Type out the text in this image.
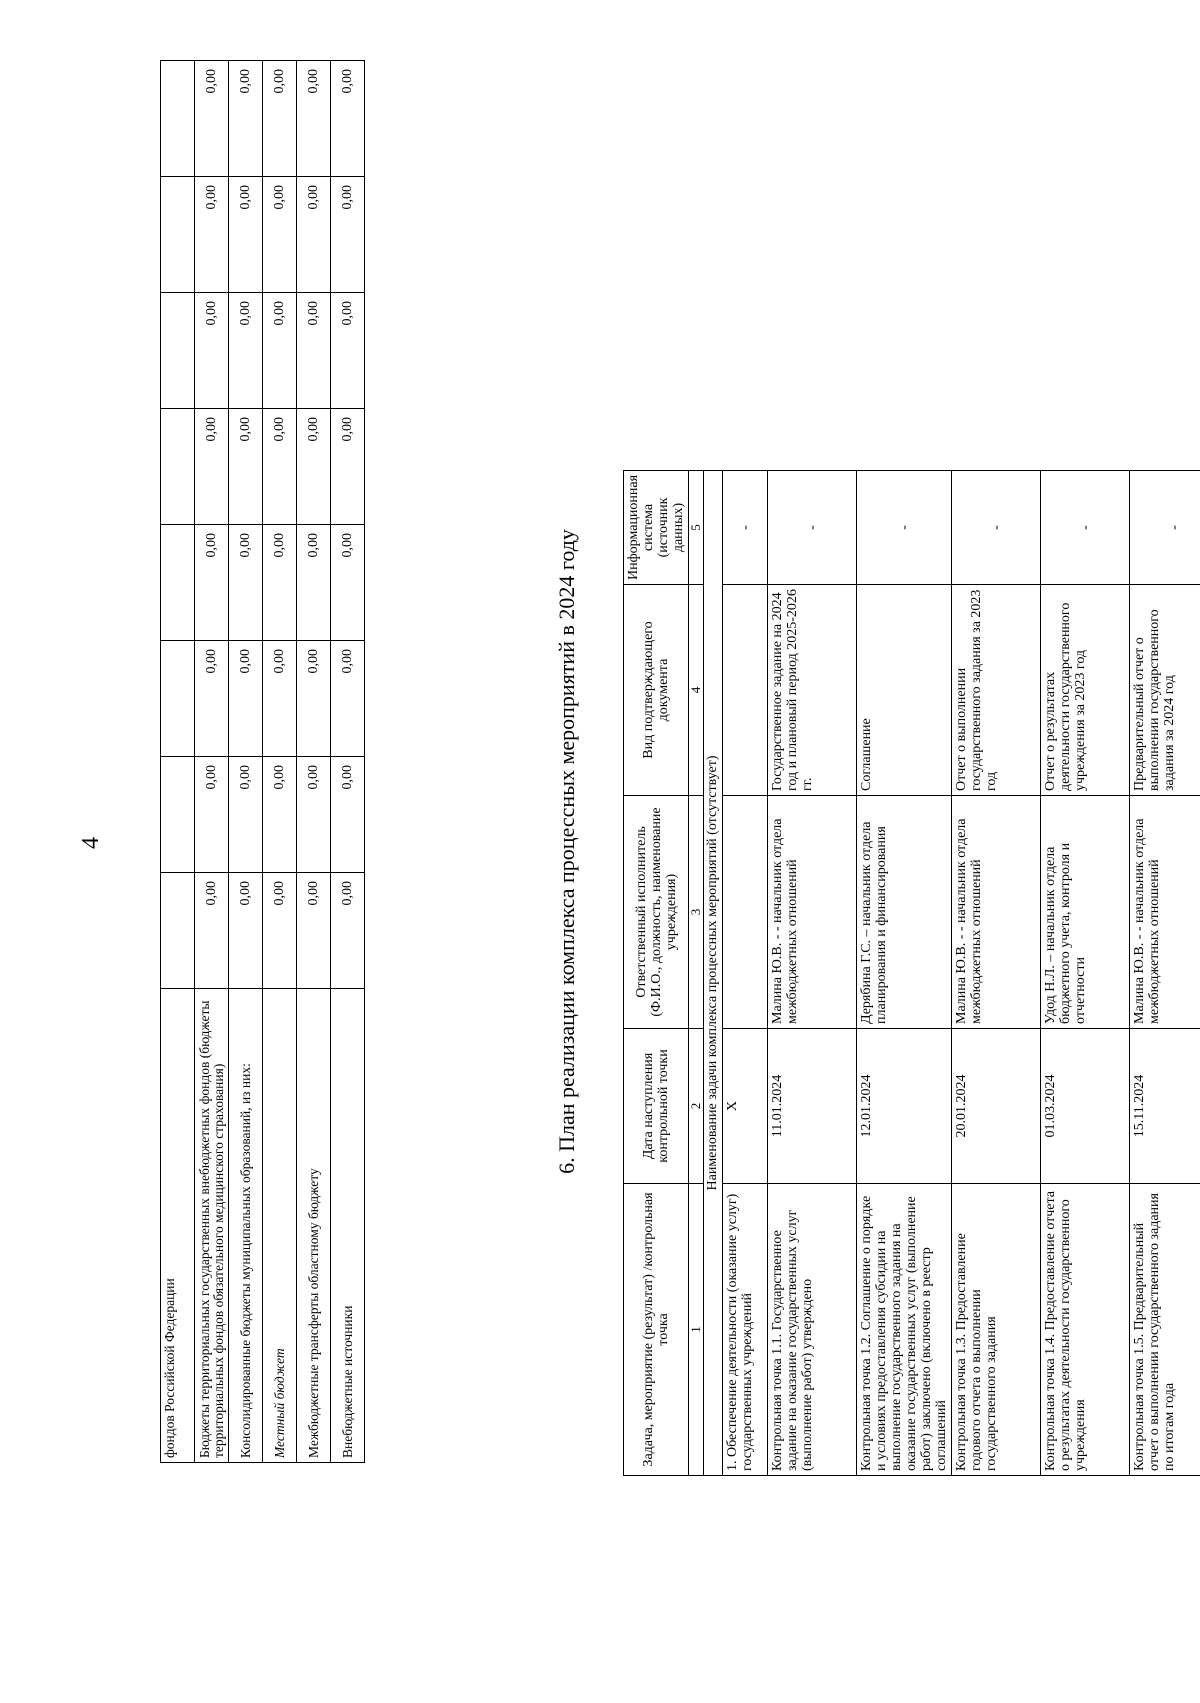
4
фондов Российской Федерации								
Бюджеты территориальных государственных внебюджетных фондов (бюджеты территориальных фондов обязательного медицинского страхования)	0,00	0,00	0,00	0,00	0,00	0,00	0,00	0,00
Консолидированные бюджеты муниципальных образований, из них:	0,00	0,00	0,00	0,00	0,00	0,00	0,00	0,00
Местный бюджет	0,00	0,00	0,00	0,00	0,00	0,00	0,00	0,00
Межбюджетные трансферты областному бюджету	0,00	0,00	0,00	0,00	0,00	0,00	0,00	0,00
Внебюджетные источники	0,00	0,00	0,00	0,00	0,00	0,00	0,00	0,00
6. План реализации комплекса процессных мероприятий в 2024 году
Задача, мероприятие (результат) /контрольная точка	Дата наступления контрольной точки	Ответственный исполнитель (Ф.И.О., должность, наименование учреждения)	Вид подтверждающего документа	Информационная система (источник данных)
1	2	3	4	5
Наименование задачи комплекса процессных мероприятий (отсутствует)				
1. Обеспечение деятельности (оказание услуг) государственных учреждений	Х			-
Контрольная точка 1.1. Государственное задание на оказание государственных услуг (выполнение работ) утверждено	11.01.2024	Малина Ю.В. - - начальник отдела межбюджетных отношений	Государственное задание на 2024 год и плановый период 2025-2026 гг.	-
Контрольная точка 1.2. Соглашение о порядке и условиях предоставления субсидии на выполнение государственного задания на оказание государственных услуг (выполнение работ) заключено (включено в реестр соглашений	12.01.2024	Дерябина Г.С. – начальник отдела планирования и финансирования	Соглашение	-
Контрольная точка 1.3. Предоставление годового отчета о выполнении государственного задания	20.01.2024	Малина Ю.В. - - начальник отдела межбюджетных отношений	Отчет о выполнении государственного задания за 2023 год	-
Контрольная точка 1.4. Предоставление отчета о результатах деятельности государственного учреждения	01.03.2024	Удод Н.Л. – начальник отдела бюджетного учета, контроля и отчетности	Отчет о результатах деятельности государственного учреждения за 2023 год	-
Контрольная точка 1.5. Предварительный отчет о выполнении государственного задания по итогам года	15.11.2024	Малина Ю.В. - - начальник отдела межбюджетных отношений	Предварительный отчет о выполнении государственного задания за 2024 год	-
